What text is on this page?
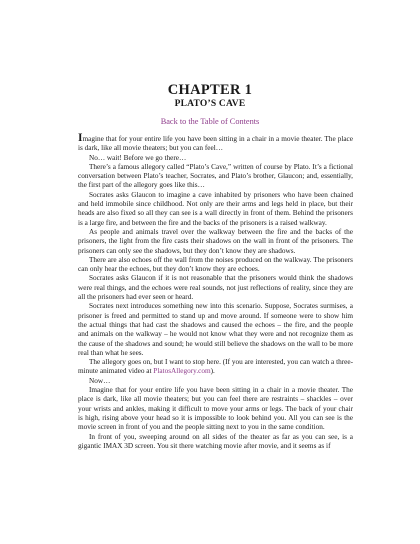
CHAPTER 1
PLATO’S CAVE
Back to the Table of Contents

Imagine that for your entire life you have been sitting in a chair in a movie theater. The place is dark, like all movie theaters; but you can feel…

No… wait! Before we go there…

There’s a famous allegory called “Plato’s Cave,” written of course by Plato. It’s a fictional conversation between Plato’s teacher, Socrates, and Plato’s brother, Glaucon; and, essentially, the first part of the allegory goes like this…

Socrates asks Glaucon to imagine a cave inhabited by prisoners who have been chained and held immobile since childhood. Not only are their arms and legs held in place, but their heads are also fixed so all they can see is a wall directly in front of them. Behind the prisoners is a large fire, and between the fire and the backs of the prisoners is a raised walkway.

As people and animals travel over the walkway between the fire and the backs of the prisoners, the light from the fire casts their shadows on the wall in front of the prisoners. The prisoners can only see the shadows, but they don’t know they are shadows.

There are also echoes off the wall from the noises produced on the walkway. The prisoners can only hear the echoes, but they don’t know they are echoes.

Socrates asks Glaucon if it is not reasonable that the prisoners would think the shadows were real things, and the echoes were real sounds, not just reflections of reality, since they are all the prisoners had ever seen or heard.

Socrates next introduces something new into this scenario. Suppose, Socrates surmises, a prisoner is freed and permitted to stand up and move around. If someone were to show him the actual things that had cast the shadows and caused the echoes – the fire, and the people and animals on the walkway – he would not know what they were and not recognize them as the cause of the shadows and sound; he would still believe the shadows on the wall to be more real than what he sees.

The allegory goes on, but I want to stop here. (If you are interested, you can watch a three-minute animated video at PlatosAllegory.com).

Now…

Imagine that for your entire life you have been sitting in a chair in a movie theater. The place is dark, like all movie theaters; but you can feel there are restraints – shackles – over your wrists and ankles, making it difficult to move your arms or legs. The back of your chair is high, rising above your head so it is impossible to look behind you. All you can see is the movie screen in front of you and the people sitting next to you in the same condition.

In front of you, sweeping around on all sides of the theater as far as you can see, is a gigantic IMAX 3D screen. You sit there watching movie after movie, and it seems as if
